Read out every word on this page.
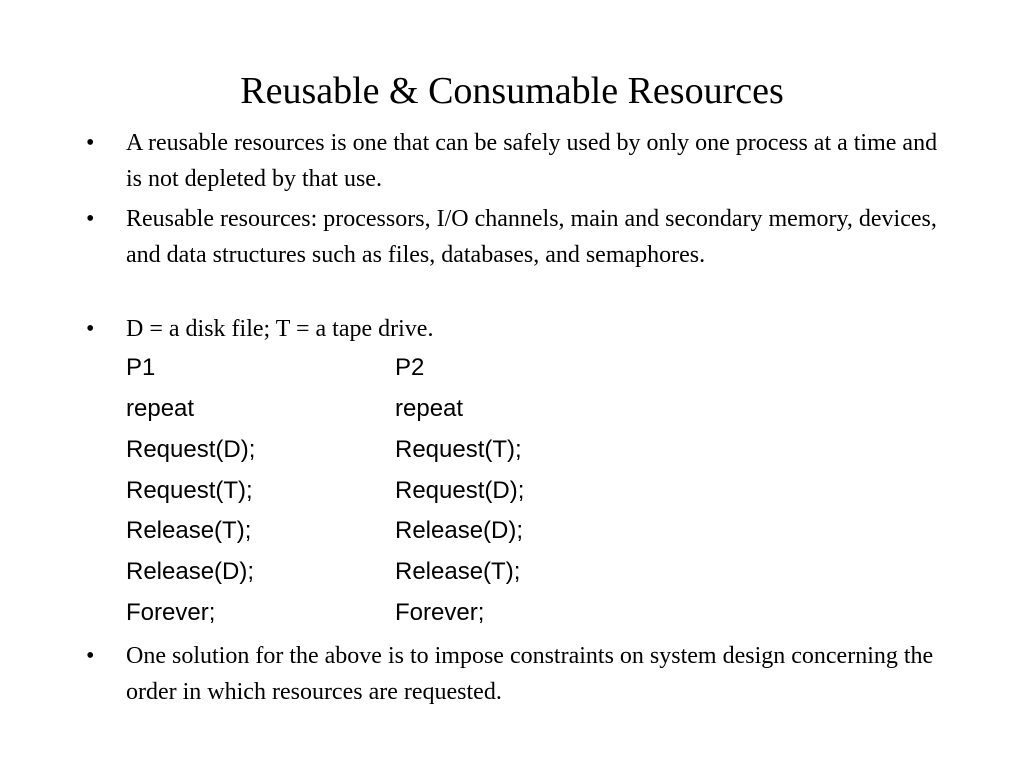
Reusable & Consumable Resources
• A reusable resources is one that can be safely used by only one process at a time and is not depleted by that use.
• Reusable resources: processors, I/O channels, main and secondary memory, devices, and data structures such as files, databases, and semaphores.
• D = a disk file; T = a tape drive.
P1	P2
repeat	repeat
Request(D);	Request(T);
Request(T);	Request(D);
Release(T);	Release(D);
Release(D);	Release(T);
Forever;	Forever;
• One solution for the above is to impose constraints on system design concerning the order in which resources are requested.
